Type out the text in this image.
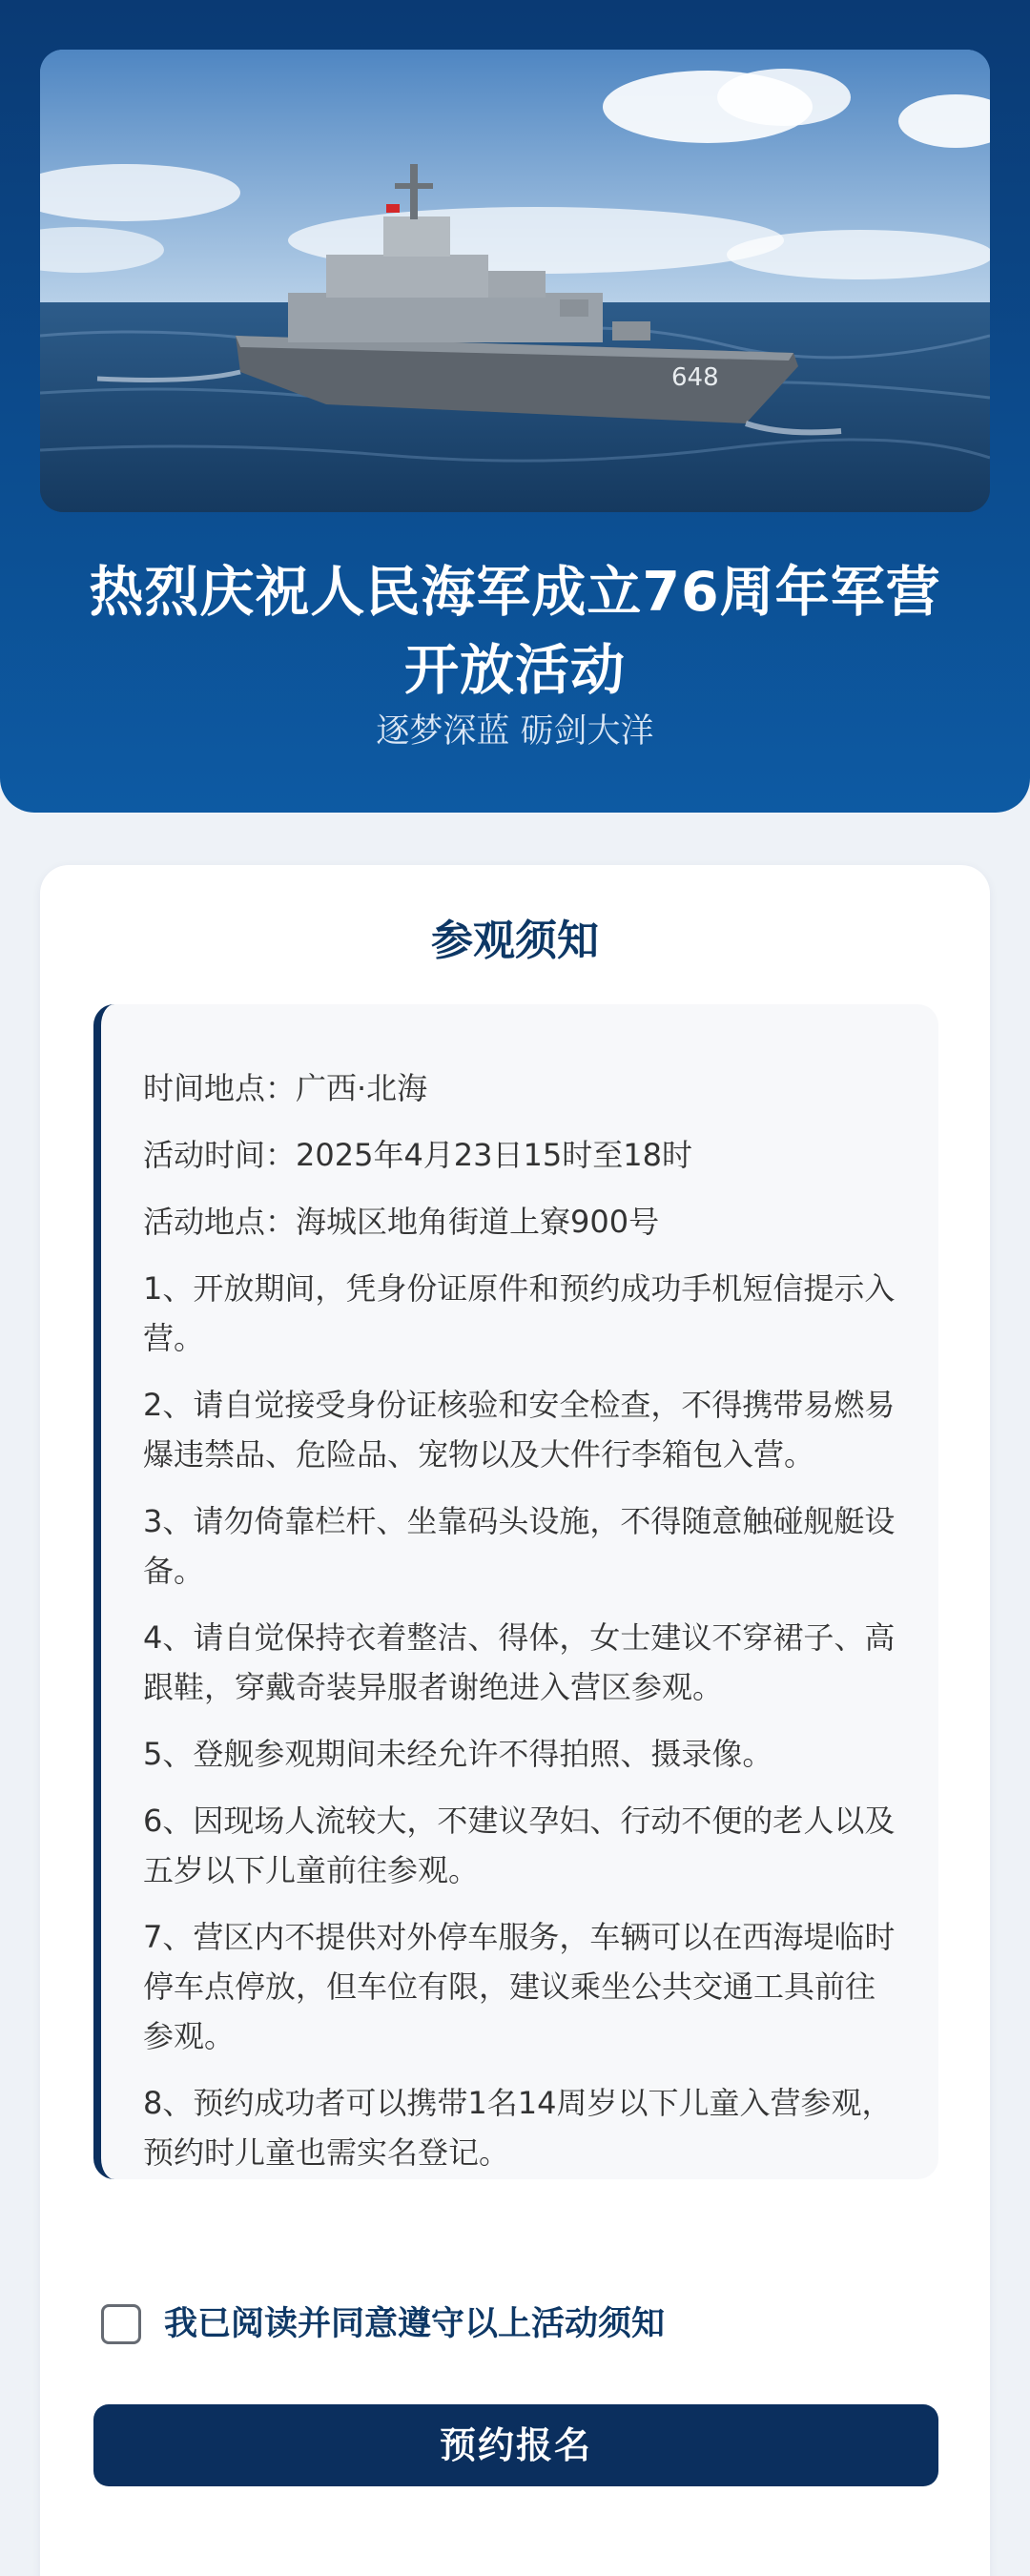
648
热烈庆祝人民海军成立76周年军营
开放活动
逐梦深蓝 砺剑大洋
参观须知
时间地点：广西·北海
活动时间：2025年4月23日15时至18时
活动地点：海城区地角街道上寮900号
1、开放期间，凭身份证原件和预约成功手机短信提示入营。
2、请自觉接受身份证核验和安全检查，不得携带易燃易爆违禁品、危险品、宠物以及大件行李箱包入营。
3、请勿倚靠栏杆、坐靠码头设施，不得随意触碰舰艇设备。
4、请自觉保持衣着整洁、得体，女士建议不穿裙子、高跟鞋，穿戴奇装异服者谢绝进入营区参观。
5、登舰参观期间未经允许不得拍照、摄录像。
6、因现场人流较大，不建议孕妇、行动不便的老人以及五岁以下儿童前往参观。
7、营区内不提供对外停车服务，车辆可以在西海堤临时停车点停放，但车位有限，建议乘坐公共交通工具前往参观。
8、预约成功者可以携带1名14周岁以下儿童入营参观，预约时儿童也需实名登记。
我已阅读并同意遵守以上活动须知
预约报名
